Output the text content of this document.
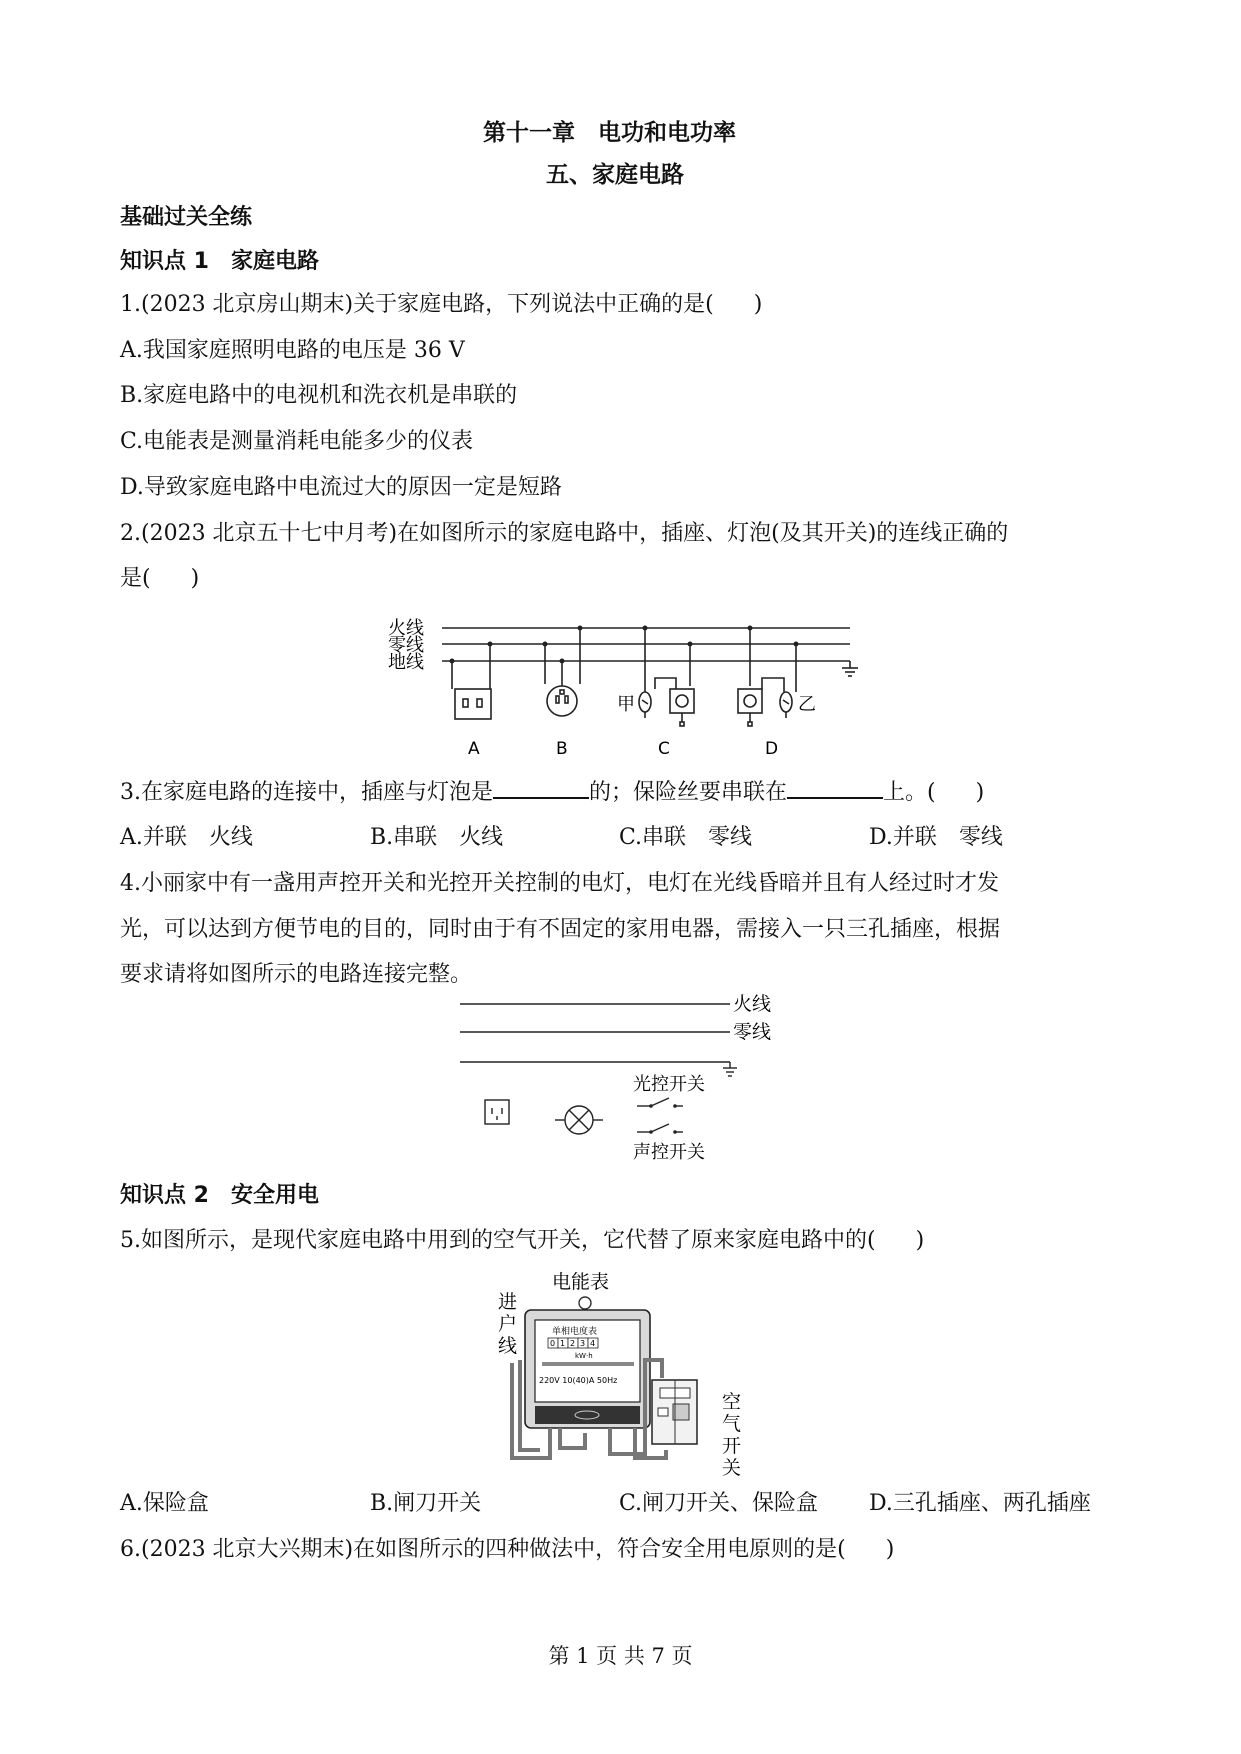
第十一章　电功和电功率
五、家庭电路
基础过关全练
知识点 1　家庭电路
1.(2023 北京房山期末)关于家庭电路，下列说法中正确的是( )
A.我国家庭照明电路的电压是 36 V
B.家庭电路中的电视机和洗衣机是串联的
C.电能表是测量消耗电能多少的仪表
D.导致家庭电路中电流过大的原因一定是短路
2.(2023 北京五十七中月考)在如图所示的家庭电路中，插座、灯泡(及其开关)的连线正确的
是( )
火线
零线
地线
A	B	C	D
甲	乙
3.在家庭电路的连接中，插座与灯泡是	的；保险丝要串联在	上。( )
A.并联　火线	B.串联　火线	C.串联　零线	D.并联　零线
4.小丽家中有一盏用声控开关和光控开关控制的电灯，电灯在光线昏暗并且有人经过时才发
光，可以达到方便节电的目的，同时由于有不固定的家用电器，需接入一只三孔插座，根据
要求请将如图所示的电路连接完整。
火线
零线
光控开关
声控开关
知识点 2　安全用电
5.如图所示，是现代家庭电路中用到的空气开关，它代替了原来家庭电路中的( )
电能表
进
户
线
空
气
开
关
单相电度表
0 1 2 3 4
kW·h
220V 10(40)A 50Hz
A.保险盒	B.闸刀开关	C.闸刀开关、保险盒 D.三孔插座、两孔插座
6.(2023 北京大兴期末)在如图所示的四种做法中，符合安全用电原则的是( )
第 1 页 共 7 页
